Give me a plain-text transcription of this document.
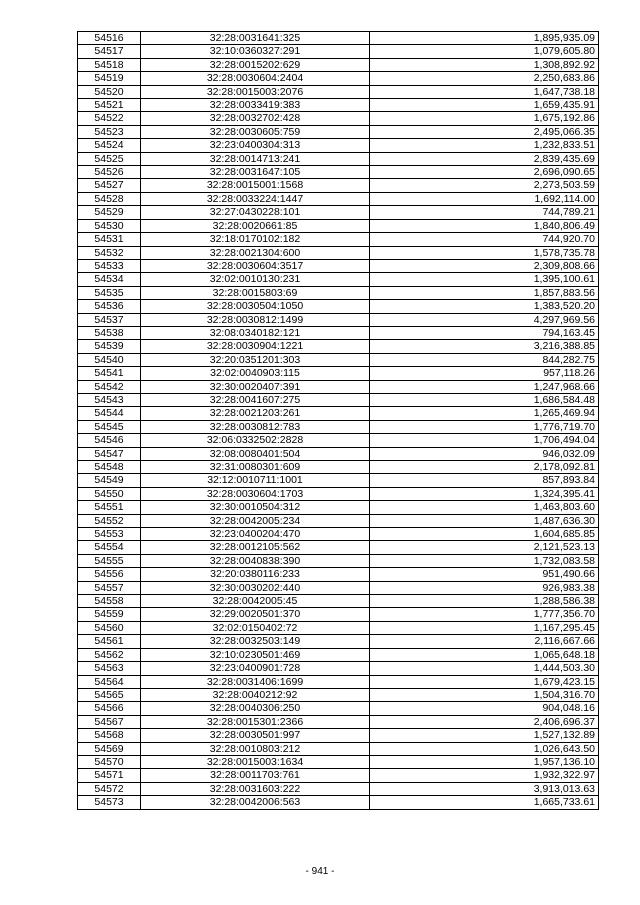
54516	32:28:0031641:325	1,895,935.09
54517	32:10:0360327:291	1,079,605.80
54518	32:28:0015202:629	1,308,892.92
54519	32:28:0030604:2404	2,250,683.86
54520	32:28:0015003:2076	1,647,738.18
54521	32:28:0033419:383	1,659,435.91
54522	32:28:0032702:428	1,675,192.86
54523	32:28:0030605:759	2,495,066.35
54524	32:23:0400304:313	1,232,833.51
54525	32:28:0014713:241	2,839,435.69
54526	32:28:0031647:105	2,696,090.65
54527	32:28:0015001:1568	2,273,503.59
54528	32:28:0033224:1447	1,692,114.00
54529	32:27:0430228:101	744,789.21
54530	32:28:0020661:85	1,840,806.49
54531	32:18:0170102:182	744,920.70
54532	32:28:0021304:600	1,578,735.78
54533	32:28:0030604:3517	2,309,808.66
54534	32:02:0010130:231	1,395,100.61
54535	32:28:0015803:69	1,857,883.56
54536	32:28:0030504:1050	1,383,520.20
54537	32:28:0030812:1499	4,297,969.56
54538	32:08:0340182:121	794,163.45
54539	32:28:0030904:1221	3,216,388.85
54540	32:20:0351201:303	844,282.75
54541	32:02:0040903:115	957,118.26
54542	32:30:0020407:391	1,247,968.66
54543	32:28:0041607:275	1,686,584.48
54544	32:28:0021203:261	1,265,469.94
54545	32:28:0030812:783	1,776,719.70
54546	32:06:0332502:2828	1,706,494.04
54547	32:08:0080401:504	946,032.09
54548	32:31:0080301:609	2,178,092.81
54549	32:12:0010711:1001	857,893.84
54550	32:28:0030604:1703	1,324,395.41
54551	32:30:0010504:312	1,463,803.60
54552	32:28:0042005:234	1,487,636.30
54553	32:23:0400204:470	1,604,685.85
54554	32:28:0012105:562	2,121,523.13
54555	32:28:0040838:390	1,732,083.58
54556	32:20:0380116:233	951,490.66
54557	32:30:0030202:440	926,983.38
54558	32:28:0042005:45	1,288,586.38
54559	32:29:0020501:370	1,777,356.70
54560	32:02:0150402:72	1,167,295.45
54561	32:28:0032503:149	2,116,667.66
54562	32:10:0230501:469	1,065,648.18
54563	32:23:0400901:728	1,444,503.30
54564	32:28:0031406:1699	1,679,423.15
54565	32:28:0040212:92	1,504,316.70
54566	32:28:0040306:250	904,048.16
54567	32:28:0015301:2366	2,406,696.37
54568	32:28:0030501:997	1,527,132.89
54569	32:28:0010803:212	1,026,643.50
54570	32:28:0015003:1634	1,957,136.10
54571	32:28:0011703:761	1,932,322.97
54572	32:28:0031603:222	3,913,013.63
54573	32:28:0042006:563	1,665,733.61
- 941 -
